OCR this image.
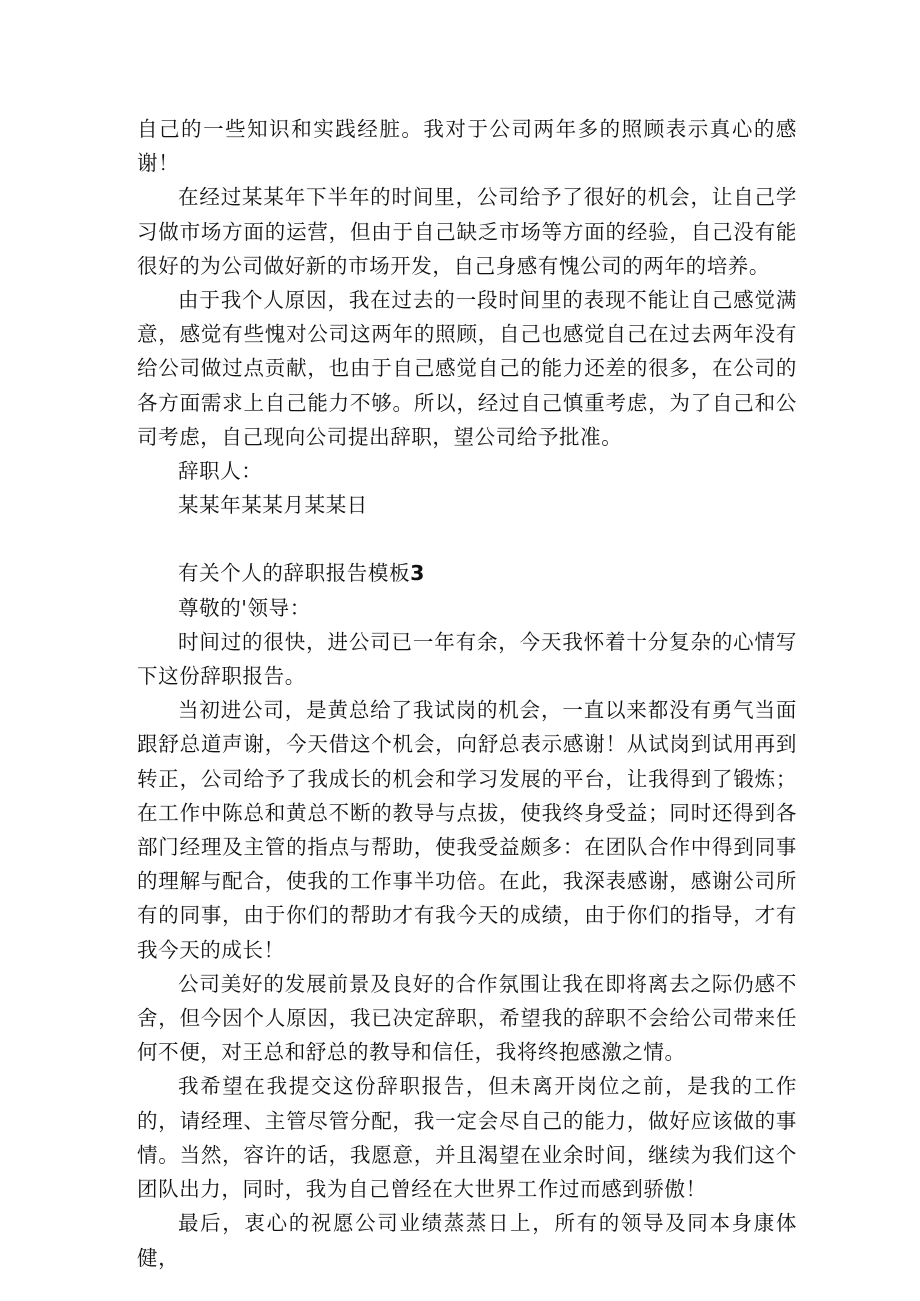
自己的一些知识和实践经脏。我对于公司两年多的照顾表示真心的感谢！

在经过某某年下半年的时间里，公司给予了很好的机会，让自己学习做市场方面的运营，但由于自己缺乏市场等方面的经验，自己没有能很好的为公司做好新的市场开发，自己身感有愧公司的两年的培养。

由于我个人原因，我在过去的一段时间里的表现不能让自己感觉满意，感觉有些愧对公司这两年的照顾，自己也感觉自己在过去两年没有给公司做过点贡献，也由于自己感觉自己的能力还差的很多，在公司的各方面需求上自己能力不够。所以，经过自己慎重考虑，为了自己和公司考虑，自己现向公司提出辞职，望公司给予批准。

辞职人：

某某年某某月某某日

有关个人的辞职报告模板3

尊敬的'领导：

时间过的很快，进公司已一年有余，今天我怀着十分复杂的心情写下这份辞职报告。

当初进公司，是黄总给了我试岗的机会，一直以来都没有勇气当面跟舒总道声谢，今天借这个机会，向舒总表示感谢！从试岗到试用再到转正，公司给予了我成长的机会和学习发展的平台，让我得到了锻炼；在工作中陈总和黄总不断的教导与点拔，使我终身受益；同时还得到各部门经理及主管的指点与帮助，使我受益颇多：在团队合作中得到同事的理解与配合，使我的工作事半功倍。在此，我深表感谢，感谢公司所有的同事，由于你们的帮助才有我今天的成绩，由于你们的指导，才有我今天的成长！

公司美好的发展前景及良好的合作氛围让我在即将离去之际仍感不舍，但今因个人原因，我已决定辞职，希望我的辞职不会给公司带来任何不便，对王总和舒总的教导和信任，我将终抱感激之情。

我希望在我提交这份辞职报告，但未离开岗位之前，是我的工作的，请经理、主管尽管分配，我一定会尽自己的能力，做好应该做的事情。当然，容许的话，我愿意，并且渴望在业余时间，继续为我们这个团队出力，同时，我为自己曾经在大世界工作过而感到骄傲！

最后，衷心的祝愿公司业绩蒸蒸日上，所有的领导及同本身康体健，
